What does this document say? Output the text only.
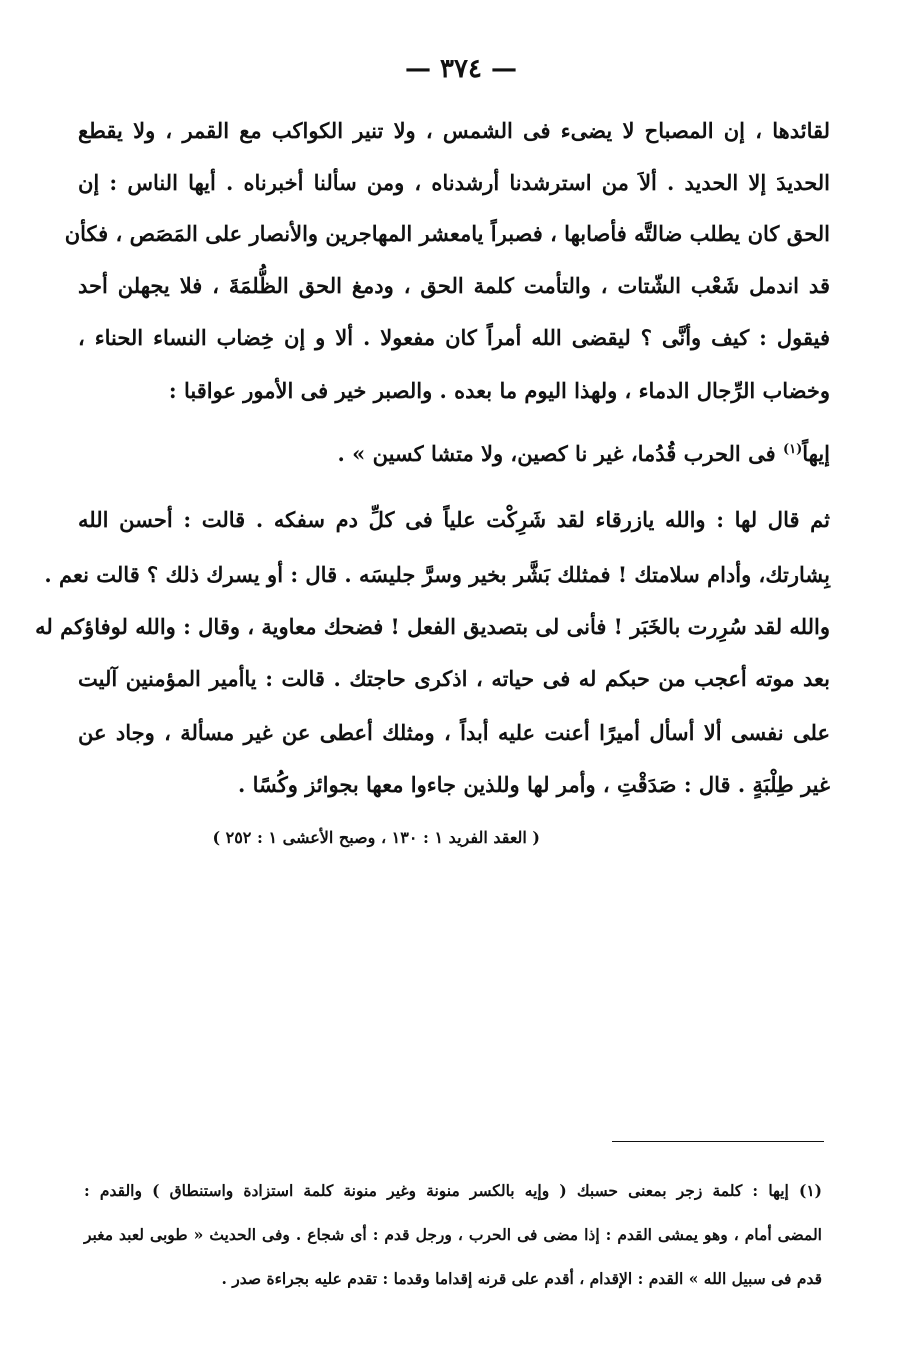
— ٣٧٤ —
لقائدها ، إن المصباح لا يضىء فى الشمس ، ولا تنير الكواكب مع القمر ، ولا يقطع
الحديدَ إلا الحديد . ألاَ من استرشدنا أرشدناه ، ومن سألنا أخبرناه . أيها الناس : إن
الحق كان يطلب ضالتَّه فأصابها ، فصبراً يامعشر المهاجرين والأنصار على المَصَص ، فكأن
قد اندمل شَعْب الشّتات ، والتأمت كلمة الحق ، ودمغ الحق الظُّلمَةَ ، فلا يجهلن أحد
فيقول : كيف وأنَّى ؟ ليقضى الله أمراً كان مفعولا . ألا و إن خِضاب النساء الحناء ،
وخضاب الرِّجال الدماء ، ولهذا اليوم ما بعده . والصبر خير فى الأمور عواقبا :
إيهاً$^{(١)}$ فى الحرب قُدُما، غير نا كصين، ولا متشا كسين » .
ثم قال لها : والله يازرقاء لقد شَرِكْت علياً فى كلِّ دم سفكه . قالت : أحسن الله
بِشارتك، وأدام سلامتك ! فمثلك بَشَّر بخير وسرَّ جليسَه . قال : أو يسرك ذلك ؟ قالت نعم .
والله لقد سُرِرت بالخَبَر ! فأنى لى بتصديق الفعل ! فضحك معاوية ، وقال : والله لوفاؤكم له
بعد موته أعجب من حبكم له فى حياته ، اذكرى حاجتك . قالت : ياأمير المؤمنين آليت
على نفسى ألا أسأل أميرًا أعنت عليه أبداً ، ومثلك أعطى عن غير مسألة ، وجاد عن
غير طِلْبَةٍ . قال : صَدَقْتِ ، وأمر لها وللذين جاءوا معها بجوائز وكُسًا .
( العقد الفريد ١ : ١٣٠ ، وصبح الأعشى ١ : ٢٥٢ )
(١) إيها : كلمة زجر بمعنى حسبك ( وإيه بالكسر منونة وغير منونة كلمة استزادة واستنطاق ) والقدم :
المضى أمام ، وهو يمشى القدم : إذا مضى فى الحرب ، ورجل قدم : أى شجاع . وفى الحديث « طوبى لعبد مغبر
قدم فى سبيل الله » القدم : الإقدام ، أقدم على قرنه إقداما وقدما : تقدم عليه بجراءة صدر .
